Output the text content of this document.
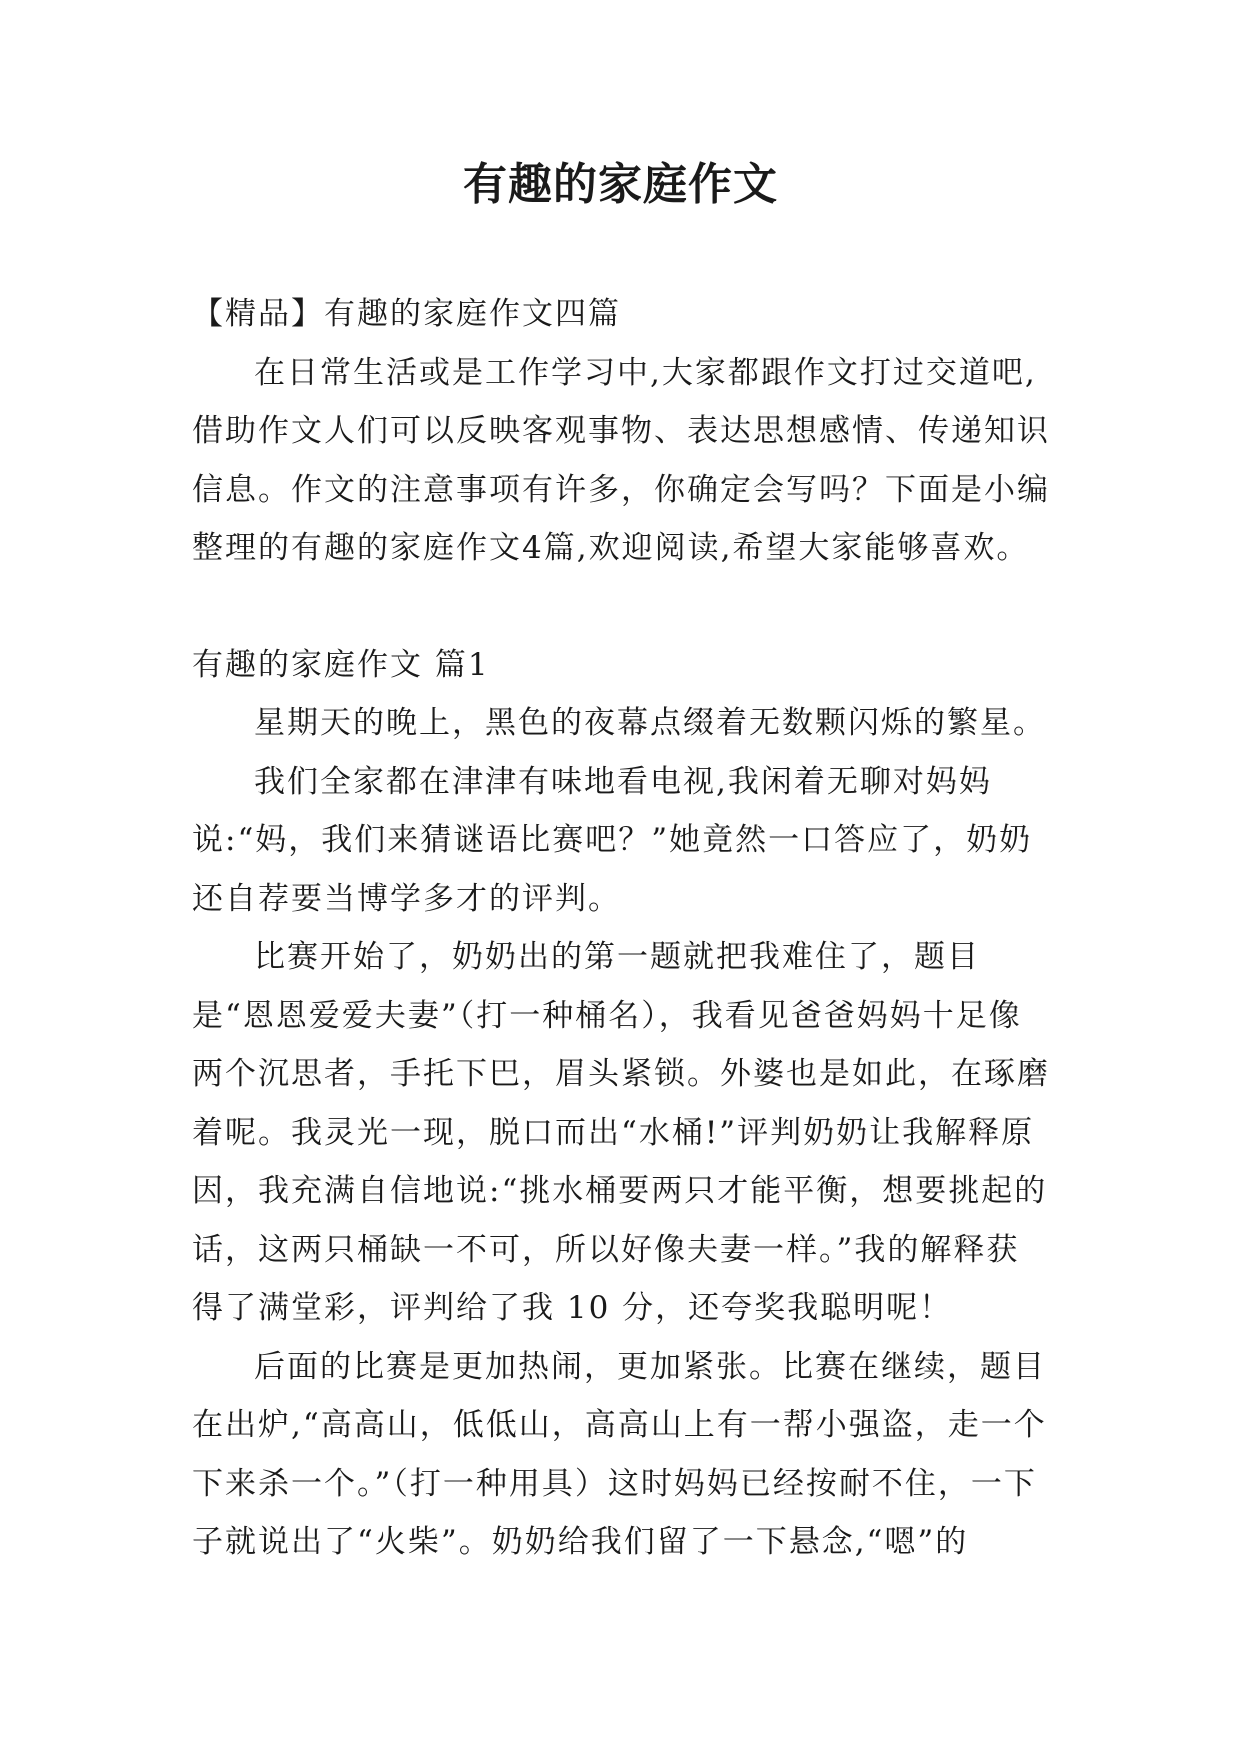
有趣的家庭作文

【精品】有趣的家庭作文四篇

在日常生活或是工作学习中,大家都跟作文打过交道吧,借助作文人们可以反映客观事物、表达思想感情、传递知识信息。作文的注意事项有许多，你确定会写吗？下面是小编整理的有趣的家庭作文4篇,欢迎阅读,希望大家能够喜欢。

有趣的家庭作文 篇1

星期天的晚上，黑色的夜幕点缀着无数颗闪烁的繁星。

我们全家都在津津有味地看电视,我闲着无聊对妈妈说:“妈，我们来猜谜语比赛吧？”她竟然一口答应了，奶奶还自荐要当博学多才的评判。

比赛开始了，奶奶出的第一题就把我难住了，题目是“恩恩爱爱夫妻”（打一种桶名），我看见爸爸妈妈十足像两个沉思者，手托下巴，眉头紧锁。外婆也是如此，在琢磨着呢。我灵光一现，脱口而出“水桶!”评判奶奶让我解释原因，我充满自信地说:“挑水桶要两只才能平衡，想要挑起的话，这两只桶缺一不可，所以好像夫妻一样。”我的解释获得了满堂彩，评判给了我 10 分，还夸奖我聪明呢！

后面的比赛是更加热闹，更加紧张。比赛在继续，题目在出炉,“高高山，低低山，高高山上有一帮小强盗，走一个下来杀一个。”（打一种用具）这时妈妈已经按耐不住，一下子就说出了“火柴”。奶奶给我们留了一下悬念,“嗯”的
